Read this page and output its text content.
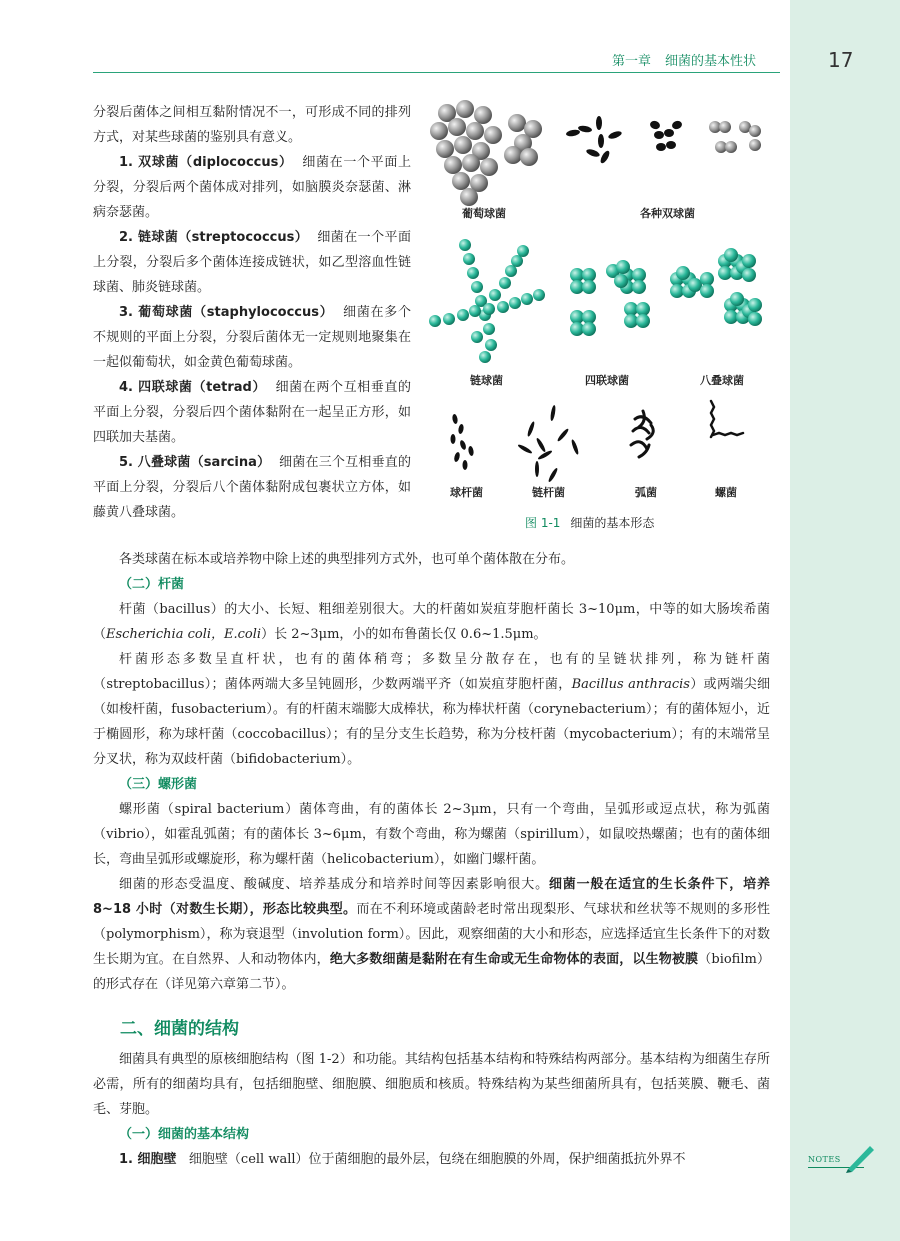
第一章 细菌的基本性状	17

分裂后菌体之间相互黏附情况不一，可形成不同的排列方式，对某些球菌的鉴别具有意义。

1. 双球菌（diplococcus） 细菌在一个平面上分裂，分裂后两个菌体成对排列，如脑膜炎奈瑟菌、淋病奈瑟菌。

2. 链球菌（streptococcus） 细菌在一个平面上分裂，分裂后多个菌体连接成链状，如乙型溶血性链球菌、肺炎链球菌。

3. 葡萄球菌（staphylococcus） 细菌在多个不规则的平面上分裂，分裂后菌体无一定规则地聚集在一起似葡萄状，如金黄色葡萄球菌。

4. 四联球菌（tetrad） 细菌在两个互相垂直的平面上分裂，分裂后四个菌体黏附在一起呈正方形，如四联加夫基菌。

5. 八叠球菌（sarcina） 细菌在三个互相垂直的平面上分裂，分裂后八个菌体黏附成包裹状立方体，如藤黄八叠球菌。

葡萄球菌	各种双球菌
链球菌	四联球菌	八叠球菌
球杆菌	链杆菌	弧菌	螺菌
图 1-1 细菌的基本形态

各类球菌在标本或培养物中除上述的典型排列方式外，也可单个菌体散在分布。

（二）杆菌

杆菌（bacillus）的大小、长短、粗细差别很大。大的杆菌如炭疽芽胞杆菌长 3~10μm，中等的如大肠埃希菌（Escherichia coli，E.coli）长 2~3μm，小的如布鲁菌长仅 0.6~1.5μm。

杆菌形态多数呈直杆状，也有的菌体稍弯；多数呈分散存在，也有的呈链状排列，称为链杆菌（streptobacillus）；菌体两端大多呈钝圆形，少数两端平齐（如炭疽芽胞杆菌，Bacillus anthracis）或两端尖细（如梭杆菌，fusobacterium）。有的杆菌末端膨大成棒状，称为棒状杆菌（corynebacterium）；有的菌体短小，近于椭圆形，称为球杆菌（coccobacillus）；有的呈分支生长趋势，称为分枝杆菌（mycobacterium）；有的末端常呈分叉状，称为双歧杆菌（bifidobacterium）。

（三）螺形菌

螺形菌（spiral bacterium）菌体弯曲，有的菌体长 2~3μm，只有一个弯曲，呈弧形或逗点状，称为弧菌（vibrio），如霍乱弧菌；有的菌体长 3~6μm，有数个弯曲，称为螺菌（spirillum），如鼠咬热螺菌；也有的菌体细长，弯曲呈弧形或螺旋形，称为螺杆菌（helicobacterium），如幽门螺杆菌。

细菌的形态受温度、酸碱度、培养基成分和培养时间等因素影响很大。细菌一般在适宜的生长条件下，培养 8~18 小时（对数生长期），形态比较典型。而在不利环境或菌龄老时常出现梨形、气球状和丝状等不规则的多形性（polymorphism），称为衰退型（involution form）。因此，观察细菌的大小和形态，应选择适宜生长条件下的对数生长期为宜。在自然界、人和动物体内，绝大多数细菌是黏附在有生命或无生命物体的表面，以生物被膜（biofilm）的形式存在（详见第六章第二节）。

二、细菌的结构

细菌具有典型的原核细胞结构（图 1-2）和功能。其结构包括基本结构和特殊结构两部分。基本结构为细菌生存所必需，所有的细菌均具有，包括细胞壁、细胞膜、细胞质和核质。特殊结构为某些细菌所具有，包括荚膜、鞭毛、菌毛、芽胞。

（一）细菌的基本结构

1. 细胞壁 细胞壁（cell wall）位于菌细胞的最外层，包绕在细胞膜的外周，保护细菌抵抗外界不	NOTES
